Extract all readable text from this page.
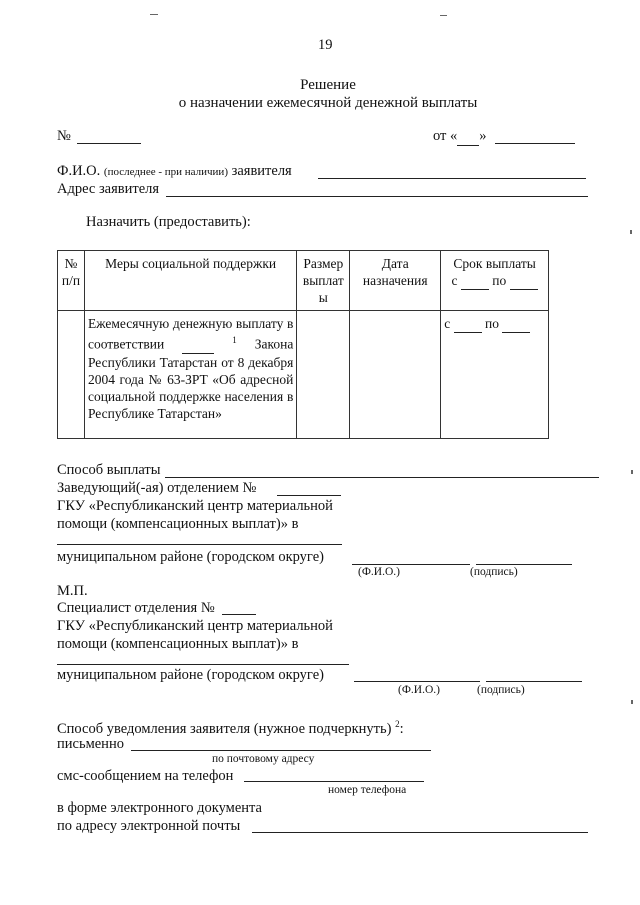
19
Решение
о назначении ежемесячной денежной выплаты
№	от « »
Ф.И.О. (последнее - при наличии) заявителя
Адрес заявителя
Назначить (предоставить):
№ п/п	Меры социальной поддержки	Размер выплат ы	Дата назначения	Срок выплаты
с по

	Ежемесячную денежную выплату в соответствии $^1$ Закона Республики Татарстан от 8 декабря 2004 года № 63-ЗРТ «Об адресной социальной поддержке населения в Республике Татарстан»			с по
Способ выплаты
Заведующий(-ая) отделением №
ГКУ «Республиканский центр материальной
помощи (компенсационных выплат)» в
муниципальном районе (городском округе)
(Ф.И.О.)	(подпись)
М.П.
Специалист отделения №
ГКУ «Республиканский центр материальной
помощи (компенсационных выплат)» в
муниципальном районе (городском округе)
(Ф.И.О.)	(подпись)
Способ уведомления заявителя (нужное подчеркнуть) $^2$:
письменно
по почтовому адресу
смс-сообщением на телефон
номер телефона
в форме электронного документа
по адресу электронной почты
